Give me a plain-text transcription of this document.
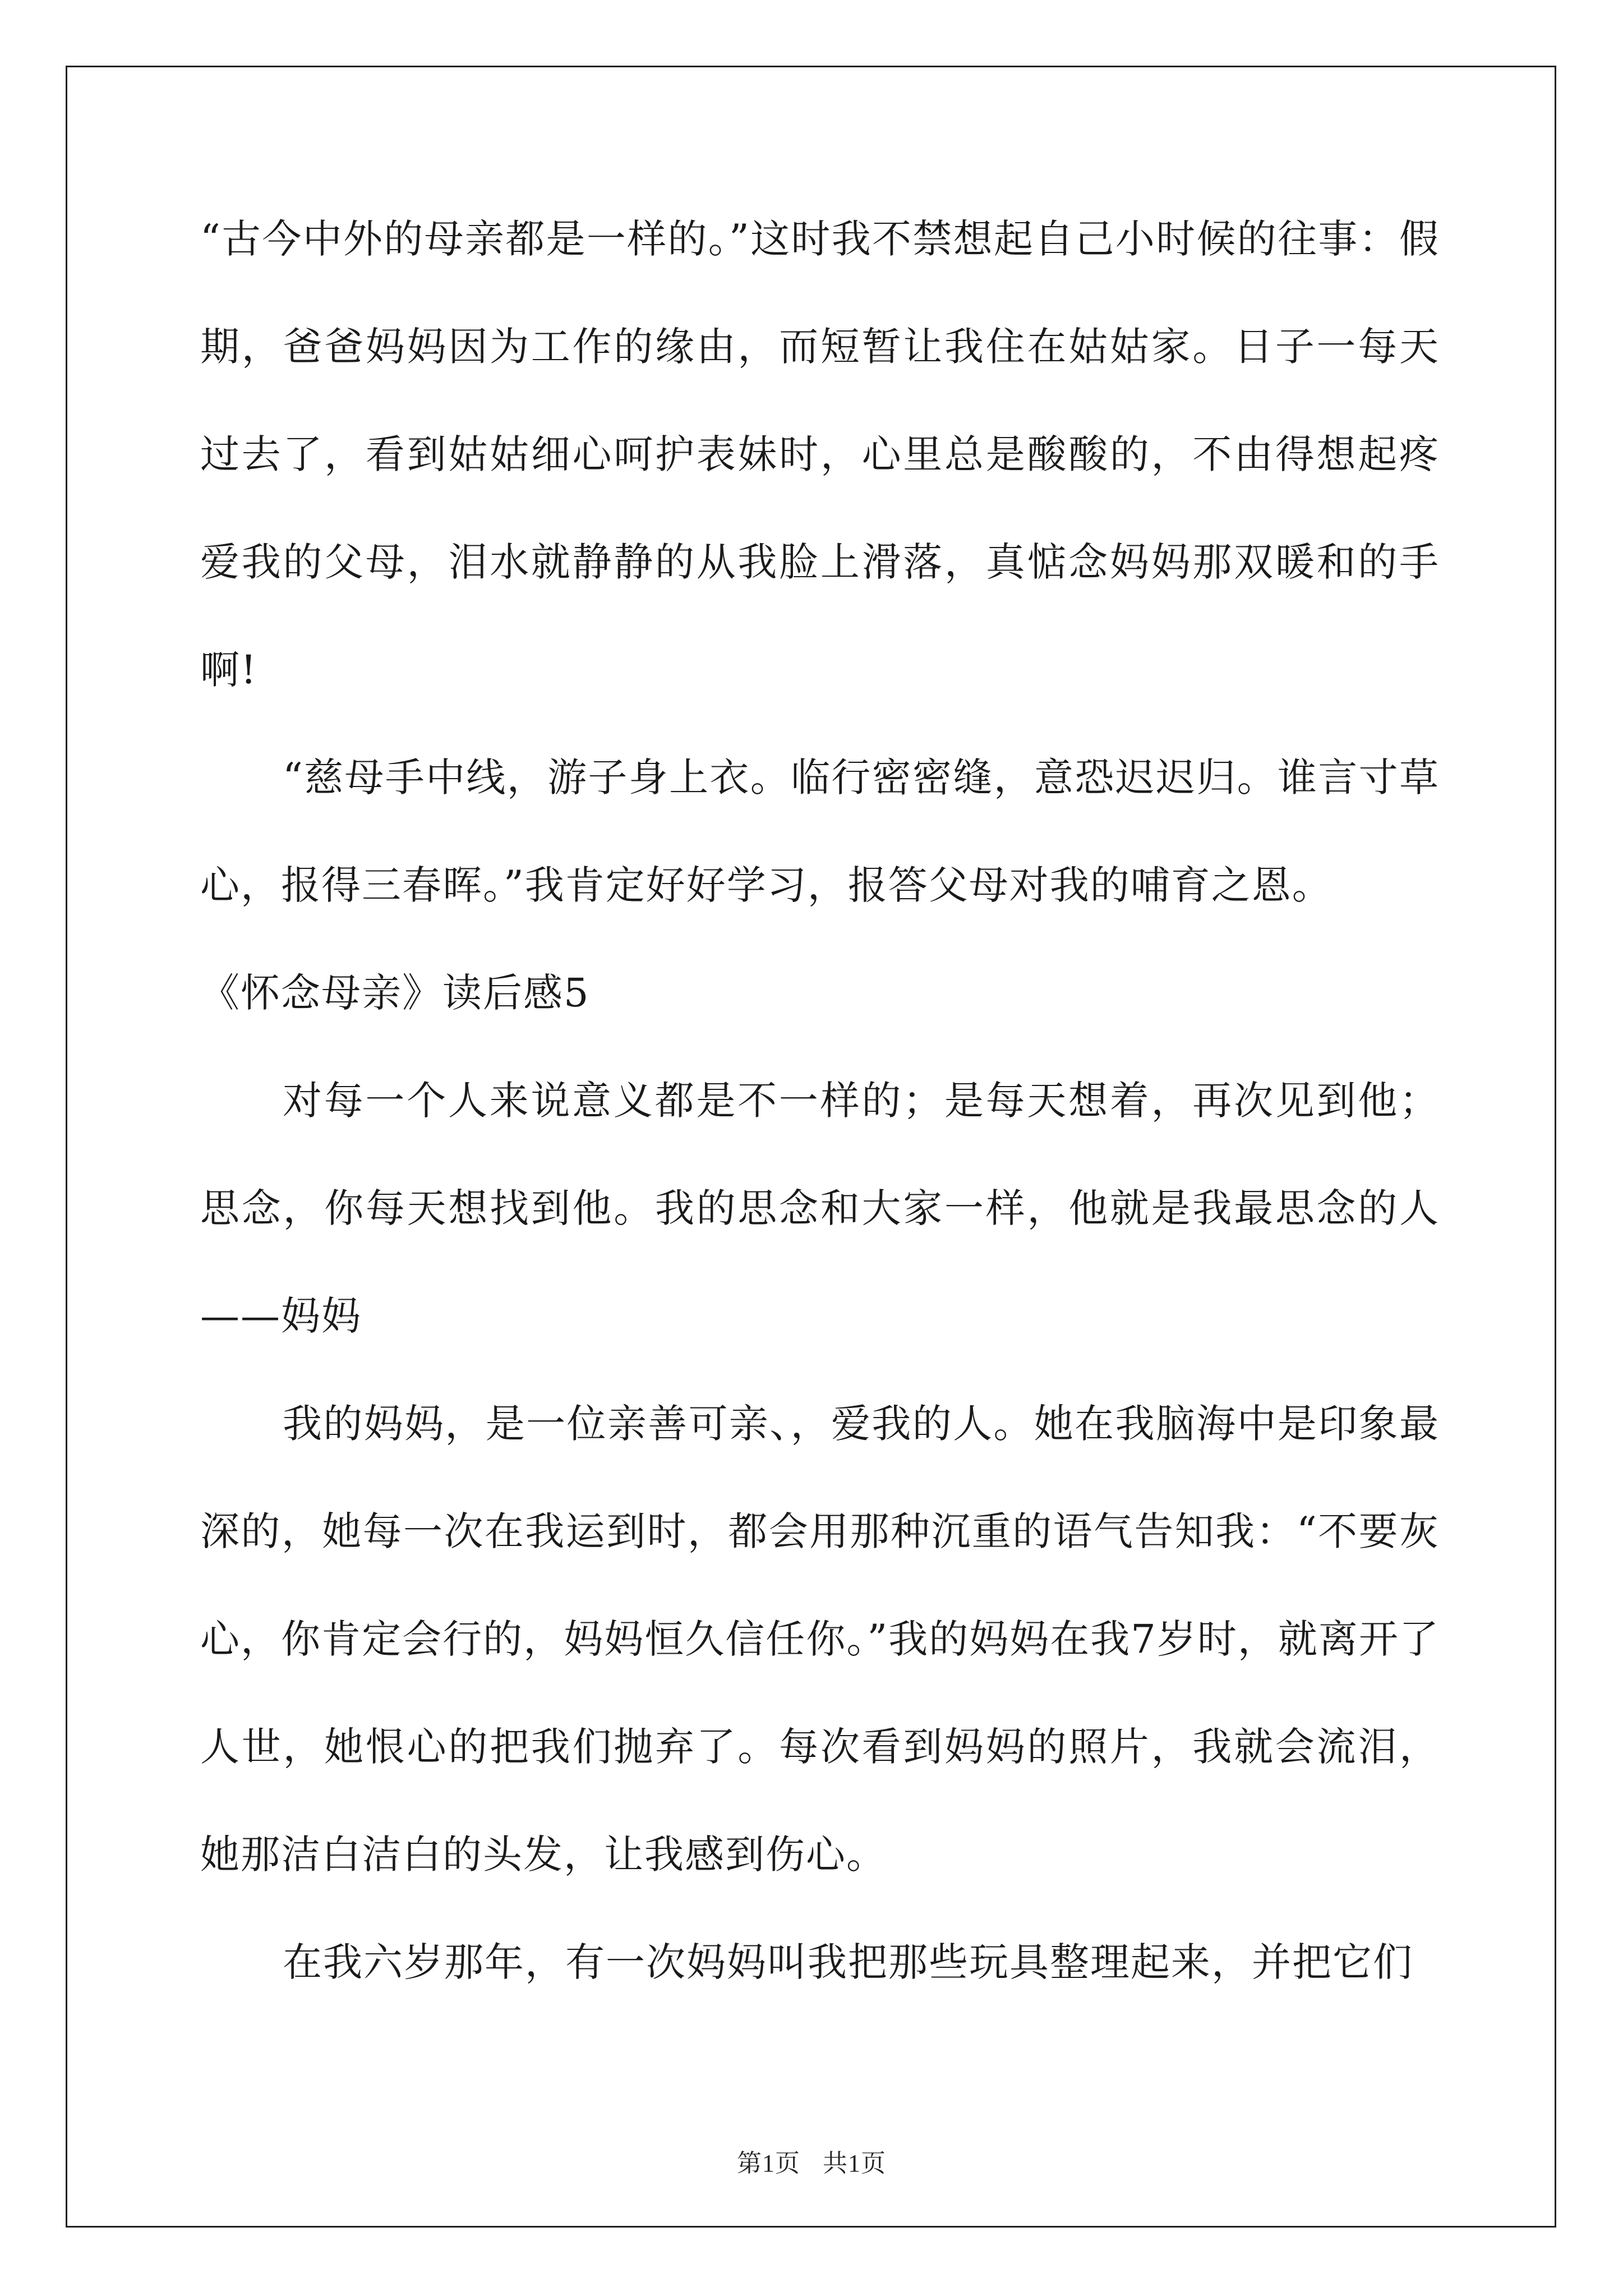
“古今中外的母亲都是一样的。”这时我不禁想起自己小时候的往事：假期，爸爸妈妈因为工作的缘由，而短暂让我住在姑姑家。日子一每天过去了，看到姑姑细心呵护表妹时，心里总是酸酸的，不由得想起疼爱我的父母，泪水就静静的从我脸上滑落，真惦念妈妈那双暖和的手啊!

“慈母手中线，游子身上衣。临行密密缝，意恐迟迟归。谁言寸草心，报得三春晖。”我肯定好好学习，报答父母对我的哺育之恩。

《怀念母亲》读后感5

对每一个人来说意义都是不一样的；是每天想着，再次见到他；思念，你每天想找到他。我的思念和大家一样，他就是我最思念的人——妈妈

我的妈妈，是一位亲善可亲、，爱我的人。她在我脑海中是印象最深的，她每一次在我运到时，都会用那种沉重的语气告知我：“不要灰心，你肯定会行的，妈妈恒久信任你。”我的妈妈在我7岁时，就离开了人世，她恨心的把我们抛弃了。每次看到妈妈的照片，我就会流泪，她那洁白洁白的头发，让我感到伤心。

在我六岁那年，有一次妈妈叫我把那些玩具整理起来，并把它们

第1页 共1页
